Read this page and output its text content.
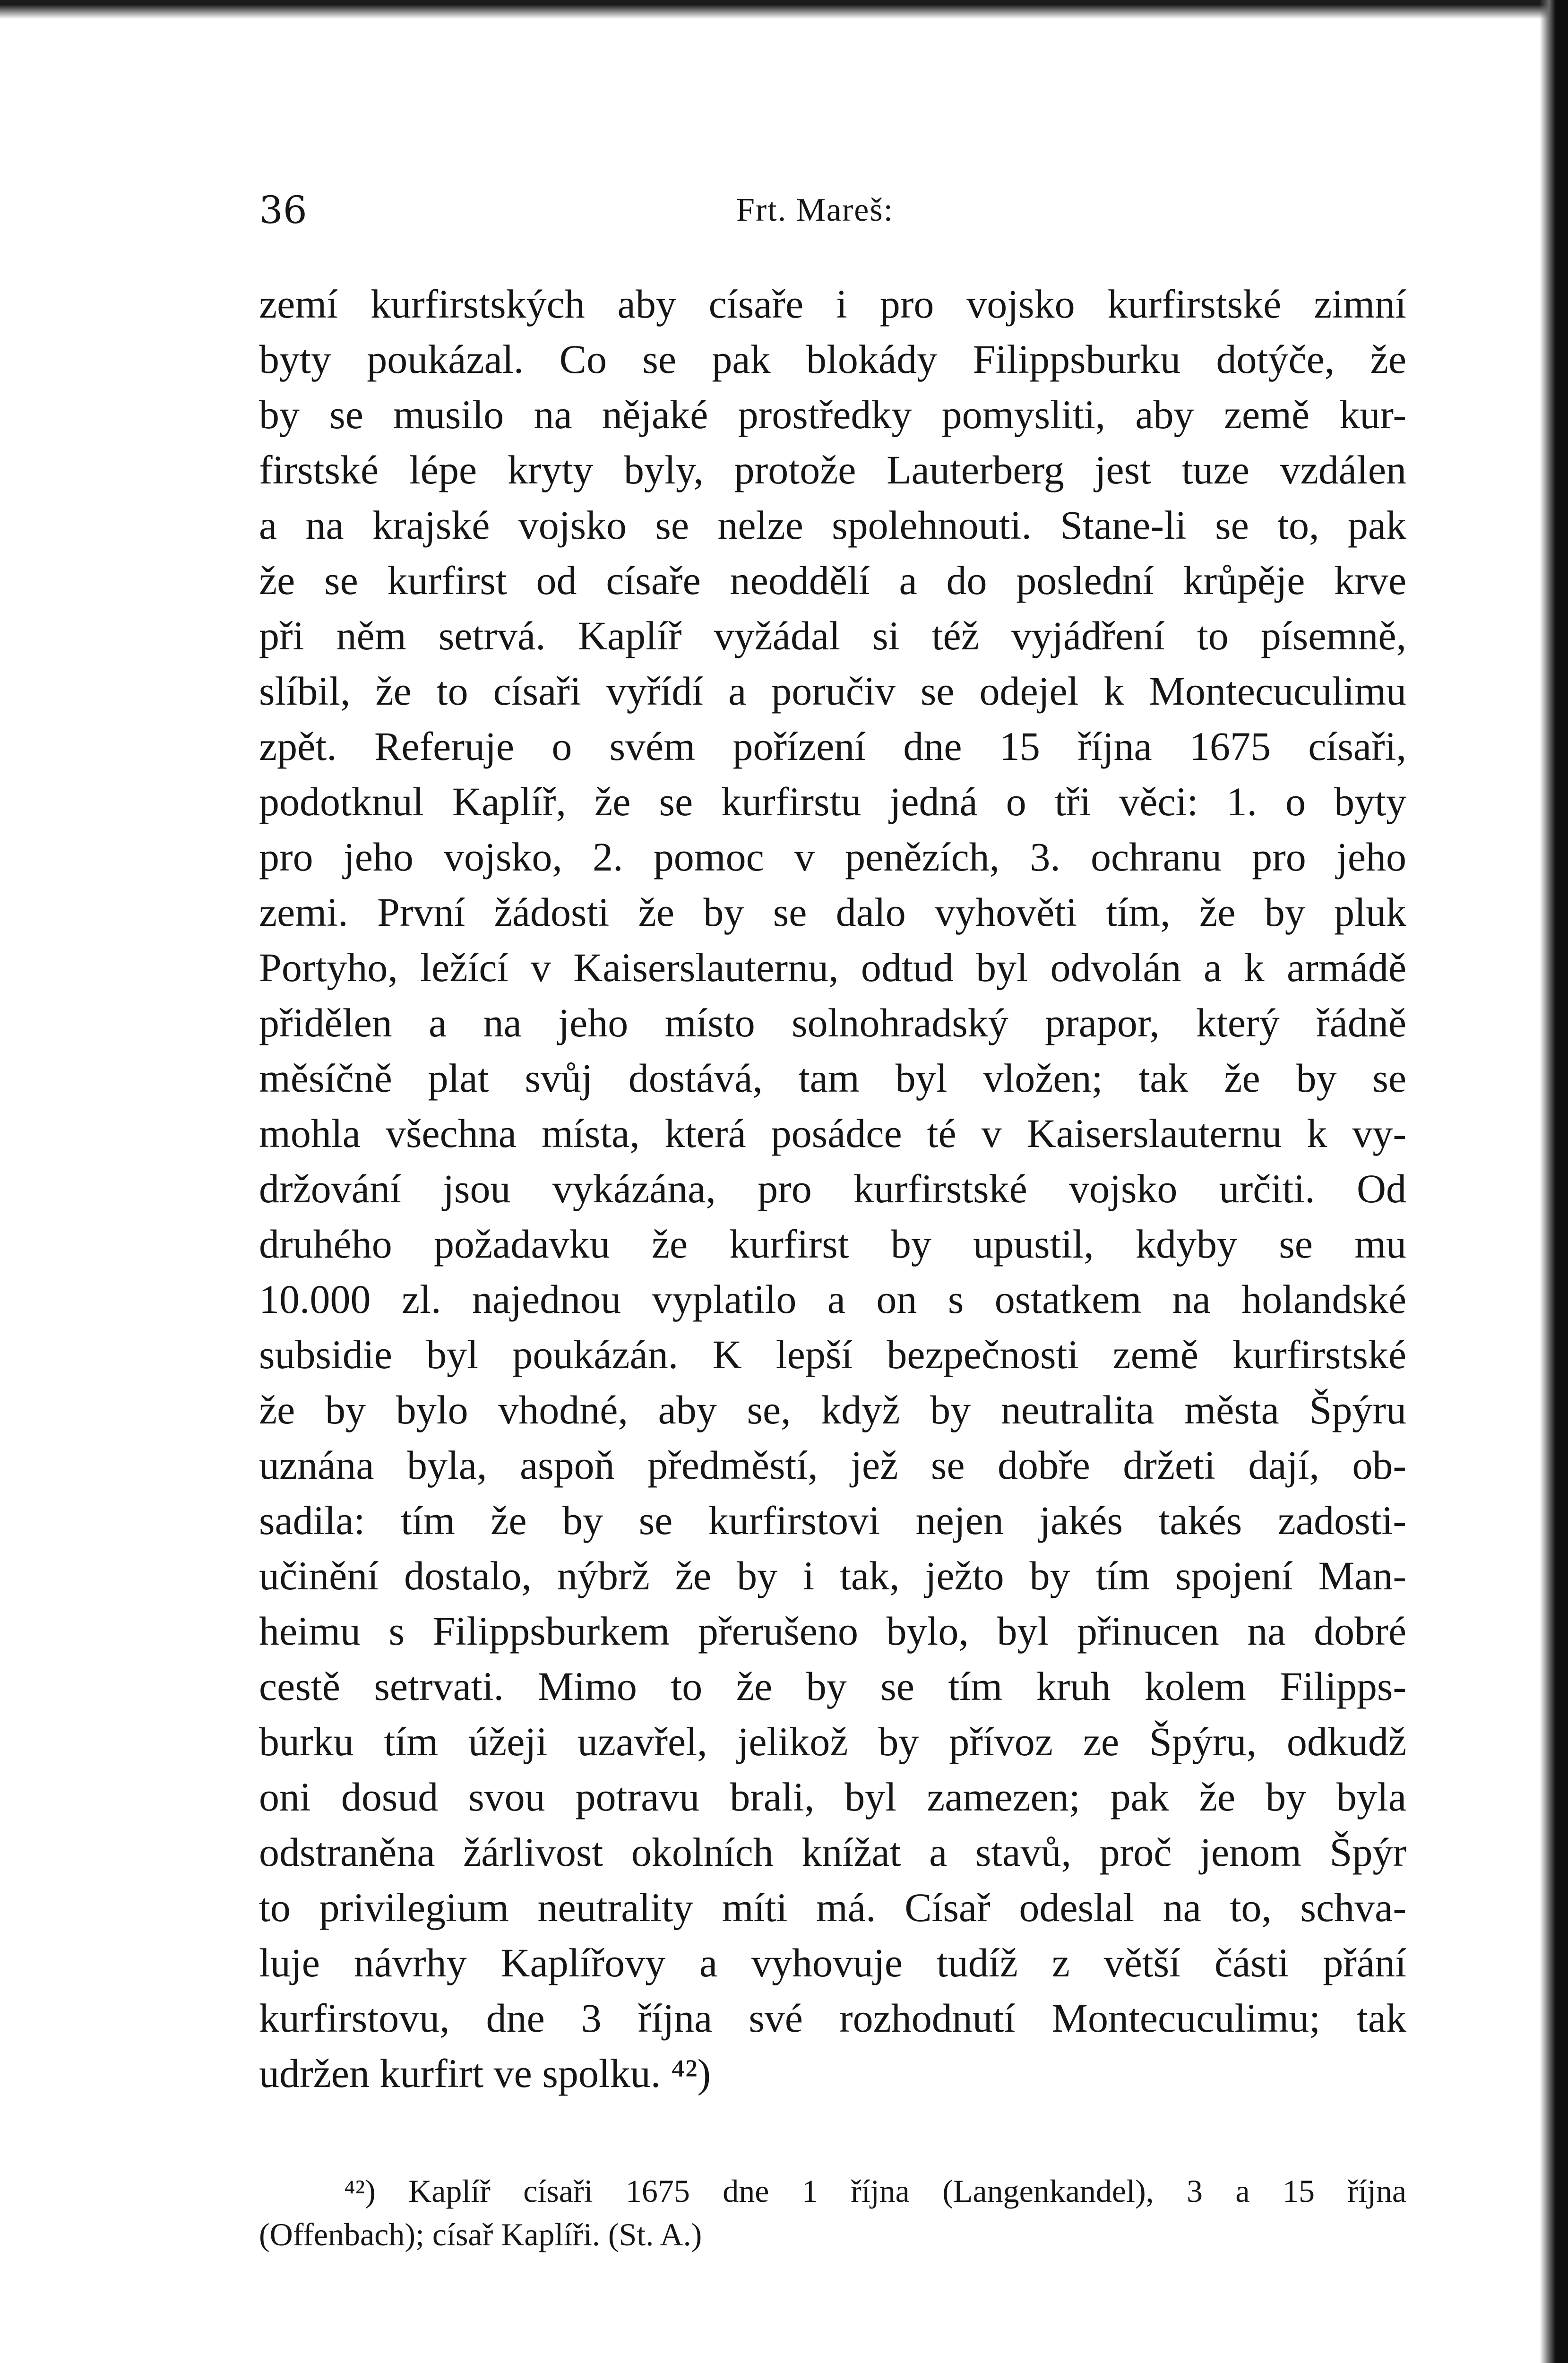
36	Frt. Mareš:
zemí kurfirstských aby císaře i pro vojsko kurfirstské zimní
byty poukázal. Co se pak blokády Filippsburku dotýče, že
by se musilo na nějaké prostředky pomysliti, aby země kur-
firstské lépe kryty byly, protože Lauterberg jest tuze vzdálen
a na krajské vojsko se nelze spolehnouti. Stane-li se to, pak
že se kurfirst od císaře neoddělí a do poslední krůpěje krve
při něm setrvá. Kaplíř vyžádal si též vyjádření to písemně,
slíbil, že to císaři vyřídí a poručiv se odejel k Montecuculimu
zpět. Referuje o svém pořízení dne 15 října 1675 císaři,
podotknul Kaplíř, že se kurfirstu jedná o tři věci: 1. o byty
pro jeho vojsko, 2. pomoc v penězích, 3. ochranu pro jeho
zemi. První žádosti že by se dalo vyhověti tím, že by pluk
Portyho, ležící v Kaiserslauternu, odtud byl odvolán a k armádě
přidělen a na jeho místo solnohradský prapor, který řádně
měsíčně plat svůj dostává, tam byl vložen; tak že by se
mohla všechna místa, která posádce té v Kaiserslauternu k vy-
držování jsou vykázána, pro kurfirstské vojsko určiti. Od
druhého požadavku že kurfirst by upustil, kdyby se mu
10.000 zl. najednou vyplatilo a on s ostatkem na holandské
subsidie byl poukázán. K lepší bezpečnosti země kurfirstské
že by bylo vhodné, aby se, když by neutralita města Špýru
uznána byla, aspoň předměstí, jež se dobře držeti dají, ob-
sadila: tím že by se kurfirstovi nejen jakés takés zadosti-
učinění dostalo, nýbrž že by i tak, ježto by tím spojení Man-
heimu s Filippsburkem přerušeno bylo, byl přinucen na dobré
cestě setrvati. Mimo to že by se tím kruh kolem Filipps-
burku tím úžeji uzavřel, jelikož by přívoz ze Špýru, odkudž
oni dosud svou potravu brali, byl zamezen; pak že by byla
odstraněna žárlivost okolních knížat a stavů, proč jenom Špýr
to privilegium neutrality míti má. Císař odeslal na to, schva-
luje návrhy Kaplířovy a vyhovuje tudíž z větší části přání
kurfirstovu, dne 3 října své rozhodnutí Montecuculimu; tak
udržen kurfirt ve spolku. ⁴²)
⁴²) Kaplíř císaři 1675 dne 1 října (Langenkandel), 3 a 15 října
(Offenbach); císař Kaplíři. (St. A.)
